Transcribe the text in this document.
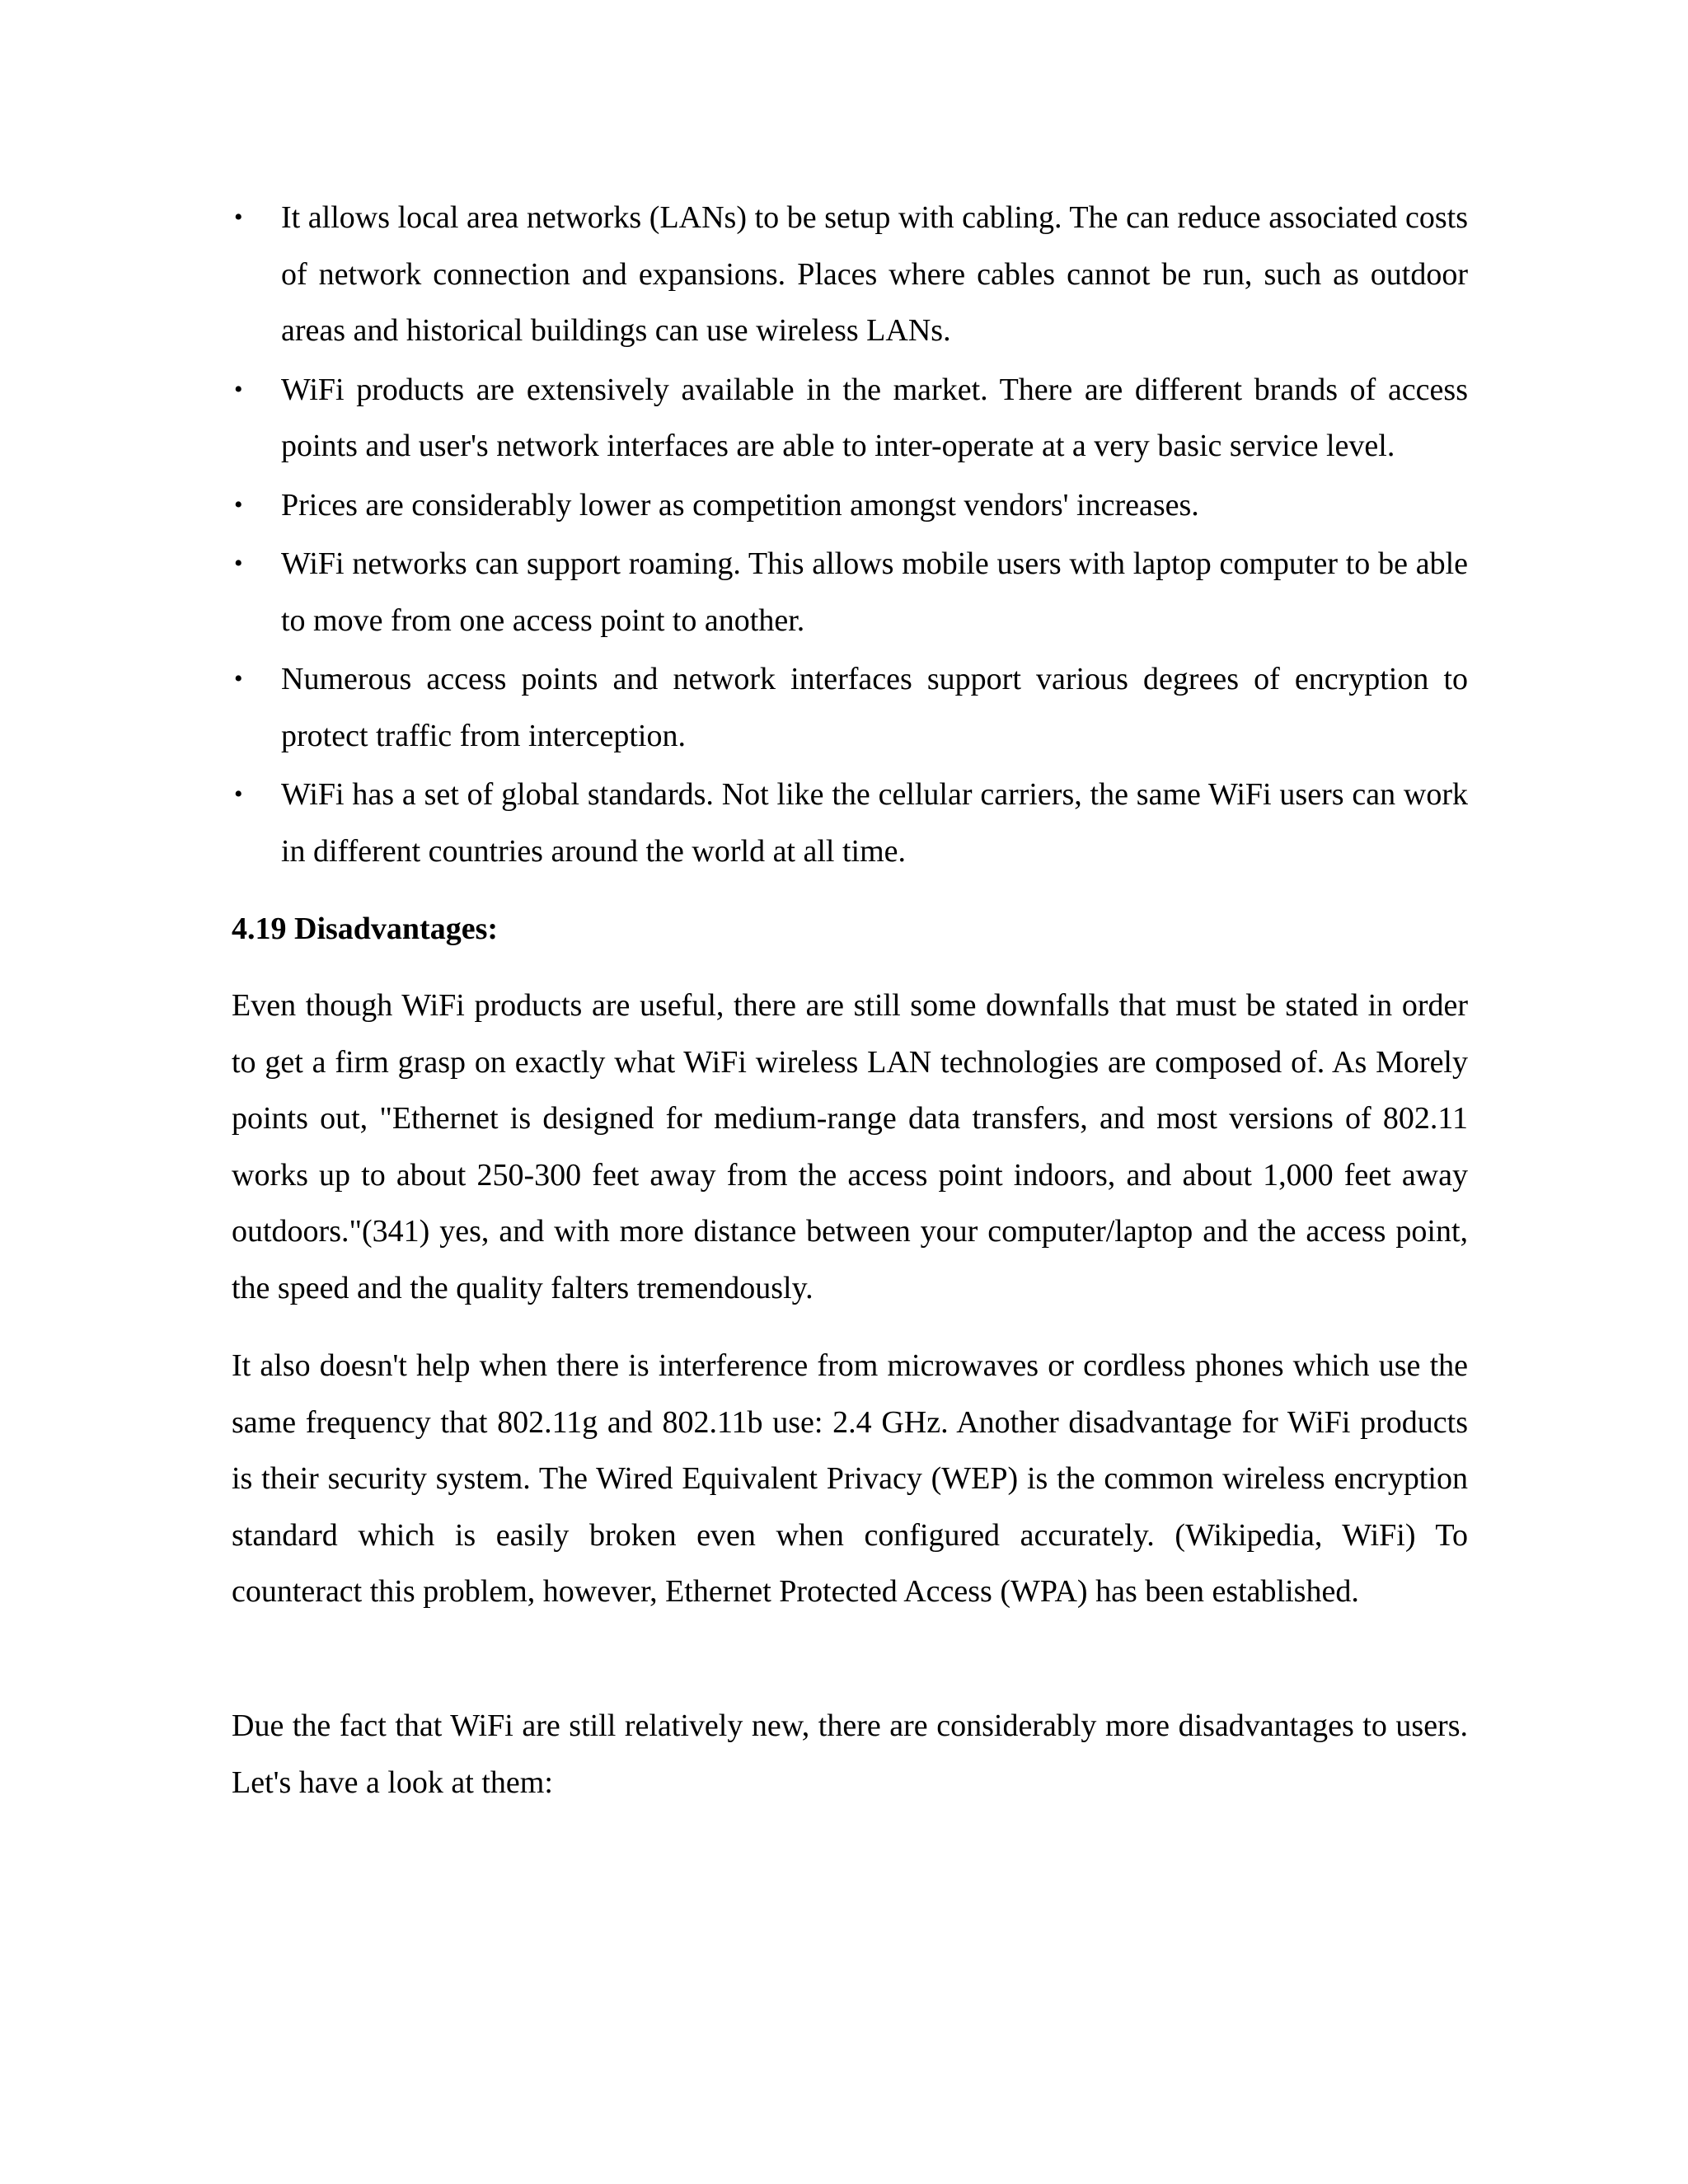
• It allows local area networks (LANs) to be setup with cabling. The can reduce associated costs of network connection and expansions. Places where cables cannot be run, such as outdoor areas and historical buildings can use wireless LANs.
• WiFi products are extensively available in the market. There are different brands of access points and user's network interfaces are able to inter-operate at a very basic service level.
• Prices are considerably lower as competition amongst vendors' increases.
• WiFi networks can support roaming. This allows mobile users with laptop computer to be able to move from one access point to another.
• Numerous access points and network interfaces support various degrees of encryption to protect traffic from interception.
• WiFi has a set of global standards. Not like the cellular carriers, the same WiFi users can work in different countries around the world at all time.
4.19 Disadvantages:

Even though WiFi products are useful, there are still some downfalls that must be stated in order to get a firm grasp on exactly what WiFi wireless LAN technologies are composed of. As Morely points out, "Ethernet is designed for medium-range data transfers, and most versions of 802.11 works up to about 250-300 feet away from the access point indoors, and about 1,000 feet away outdoors."(341) yes, and with more distance between your computer/laptop and the access point, the speed and the quality falters tremendously.

It also doesn't help when there is interference from microwaves or cordless phones which use the same frequency that 802.11g and 802.11b use: 2.4 GHz. Another disadvantage for WiFi products is their security system. The Wired Equivalent Privacy (WEP) is the common wireless encryption standard which is easily broken even when configured accurately. (Wikipedia, WiFi) To counteract this problem, however, Ethernet Protected Access (WPA) has been established.

Due the fact that WiFi are still relatively new, there are considerably more disadvantages to users. Let's have a look at them:
